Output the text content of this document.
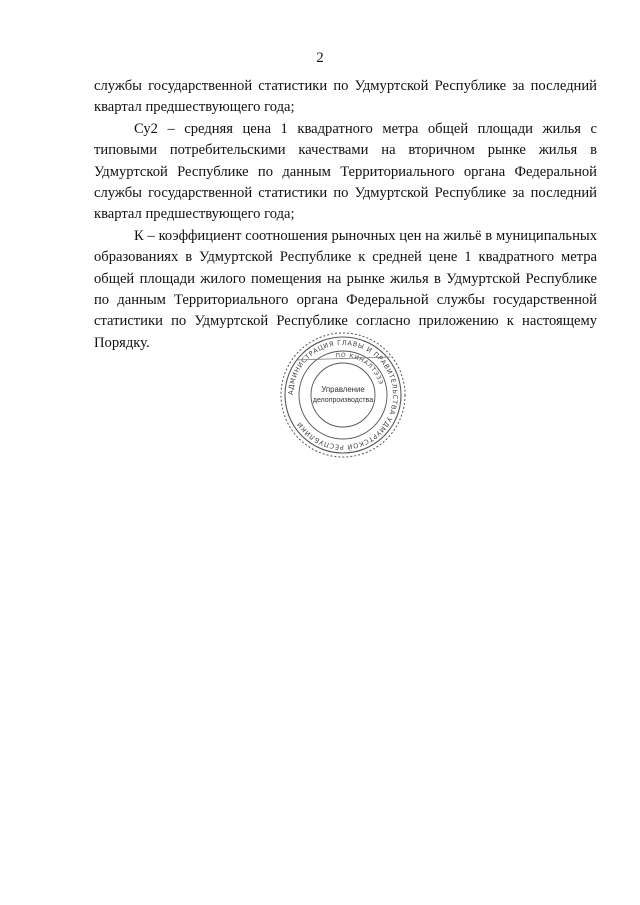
2

службы государственной статистики по Удмуртской Республике за последний квартал предшествующего года;

Су2 – средняя цена 1 квадратного метра общей площади жилья с типовыми потребительскими качествами на вторичном рынке жилья в Удмуртской Республике по данным Территориального органа Федеральной службы государственной статистики по Удмуртской Республике за последний квартал предшествующего года;

К – коэффициент соотношения рыночных цен на жильё в муниципальных образованиях в Удмуртской Республике к средней цене 1 квадратного метра общей площади жилого помещения на рынке жилья в Удмуртской Республике по данным Территориального органа Федеральной службы государственной статистики по Удмуртской Республике согласно приложению к настоящему Порядку.

АДМИНИСТРАЦИЯ ГЛАВЫ И ПРАВИТЕЛЬСТВА УДМУРТСКОЙ РЕСПУБЛИКИ
ПО КИНАЛТЭЗЭ
Управление
делопроизводства
